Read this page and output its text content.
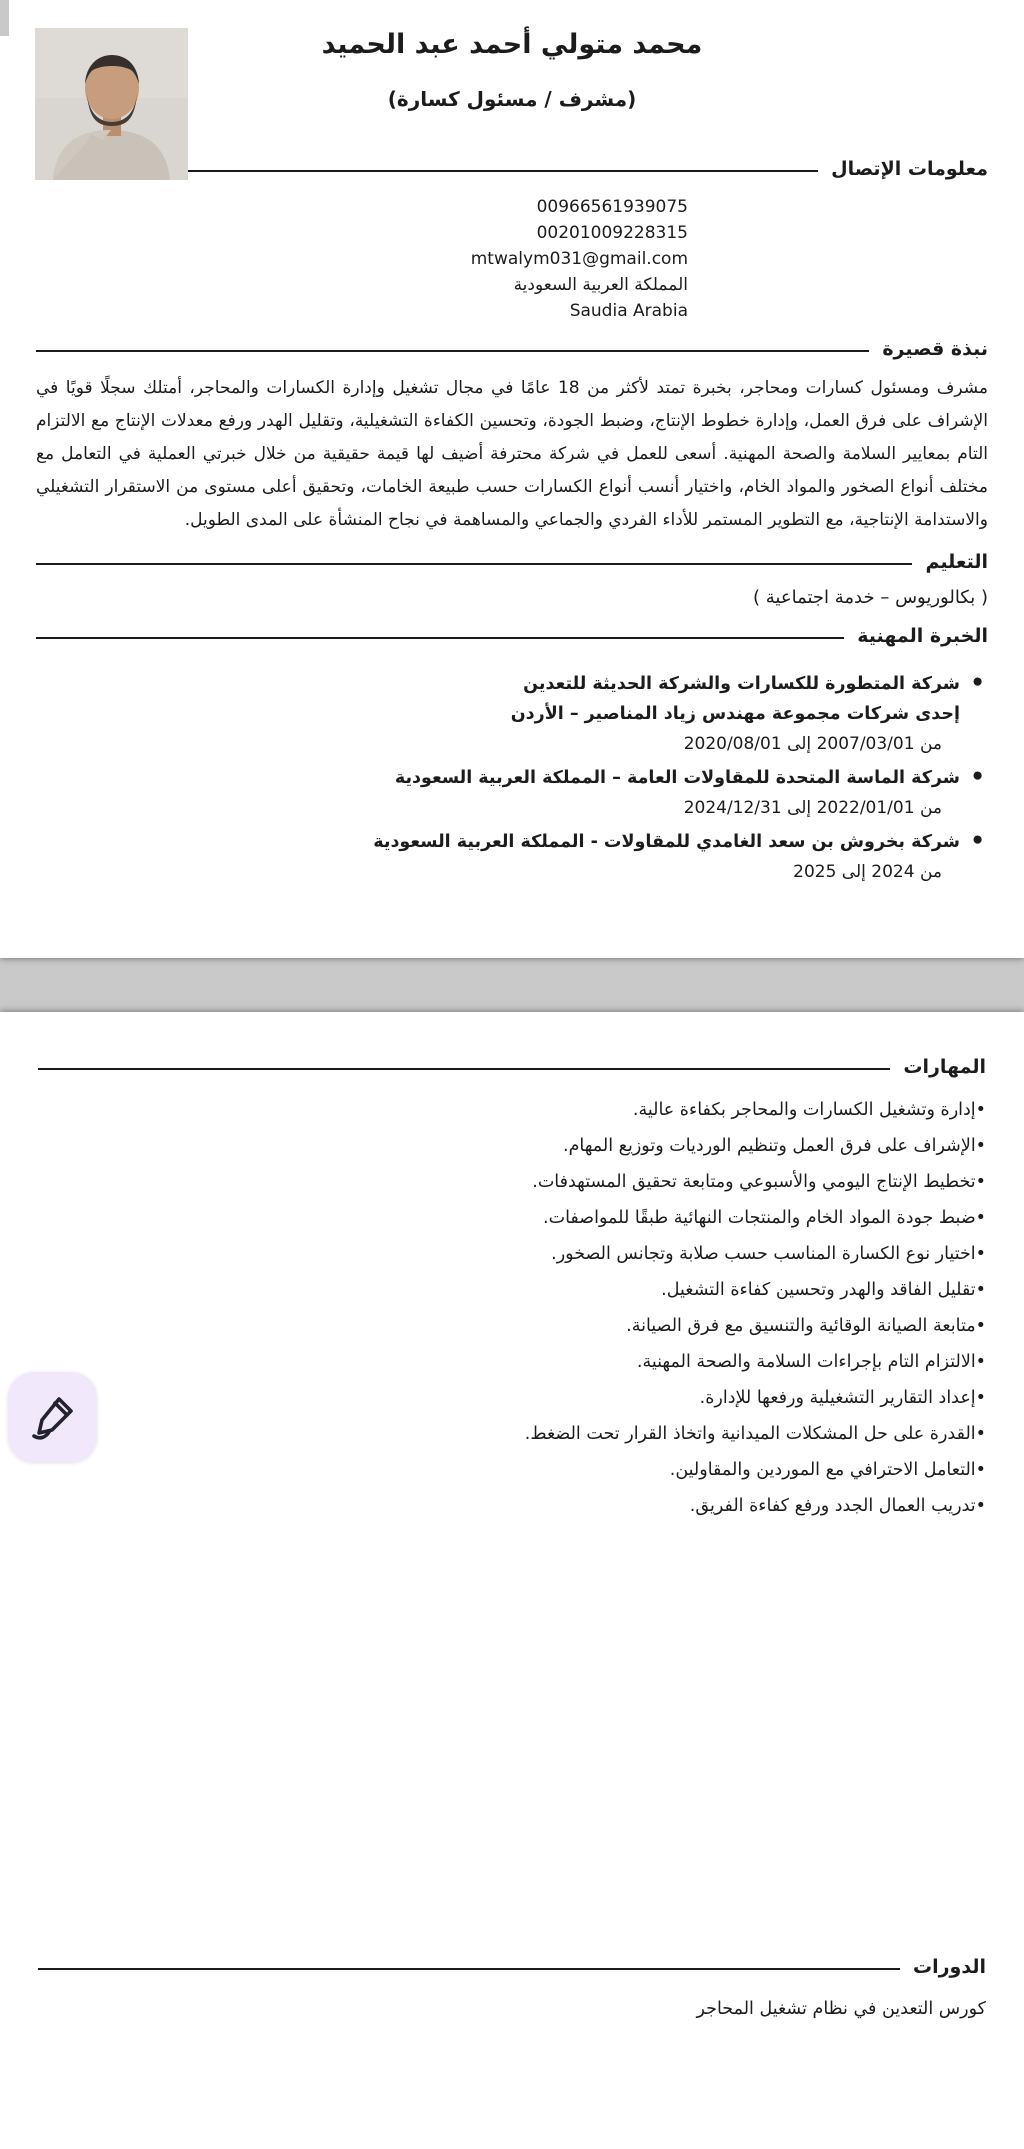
محمد متولي أحمد عبد الحميد
(مشرف / مسئول كسارة)
معلومات الإتصال
00966561939075
00201009228315
mtwalym031@gmail.com
المملكة العربية السعودية
Saudia Arabia
نبذة قصيرة

مشرف ومسئول كسارات ومحاجر، بخبرة تمتد لأكثر من 18 عامًا في مجال تشغيل وإدارة الكسارات والمحاجر، أمتلك سجلًا قويًا في الإشراف على فرق العمل، وإدارة خطوط الإنتاج، وضبط الجودة، وتحسين الكفاءة التشغيلية، وتقليل الهدر ورفع معدلات الإنتاج مع الالتزام التام بمعايير السلامة والصحة المهنية. أسعى للعمل في شركة محترفة أضيف لها قيمة حقيقية من خلال خبرتي العملية في التعامل مع مختلف أنواع الصخور والمواد الخام، واختيار أنسب أنواع الكسارات حسب طبيعة الخامات، وتحقيق أعلى مستوى من الاستقرار التشغيلي والاستدامة الإنتاجية، مع التطوير المستمر للأداء الفردي والجماعي والمساهمة في نجاح المنشأة على المدى الطويل.

التعليم
( بكالوريوس – خدمة اجتماعية )
الخبرة المهنية
• شركة المتطورة للكسارات والشركة الحديثة للتعدين
إحدى شركات مجموعة مهندس زياد المناصير – الأردن
من 2007/03/01 إلى 2020/08/01
• شركة الماسة المتحدة للمقاولات العامة – المملكة العربية السعودية
من 2022/01/01 إلى 2024/12/31
• شركة بخروش بن سعد الغامدي للمقاولات - المملكة العربية السعودية
من 2024 إلى 2025
المهارات
•إدارة وتشغيل الكسارات والمحاجر بكفاءة عالية.
•الإشراف على فرق العمل وتنظيم الورديات وتوزيع المهام.
•تخطيط الإنتاج اليومي والأسبوعي ومتابعة تحقيق المستهدفات.
•ضبط جودة المواد الخام والمنتجات النهائية طبقًا للمواصفات.
•اختيار نوع الكسارة المناسب حسب صلابة وتجانس الصخور.
•تقليل الفاقد والهدر وتحسين كفاءة التشغيل.
•متابعة الصيانة الوقائية والتنسيق مع فرق الصيانة.
•الالتزام التام بإجراءات السلامة والصحة المهنية.
•إعداد التقارير التشغيلية ورفعها للإدارة.
•القدرة على حل المشكلات الميدانية واتخاذ القرار تحت الضغط.
•التعامل الاحترافي مع الموردين والمقاولين.
•تدريب العمال الجدد ورفع كفاءة الفريق.
الدورات
كورس التعدين في نظام تشغيل المحاجر
